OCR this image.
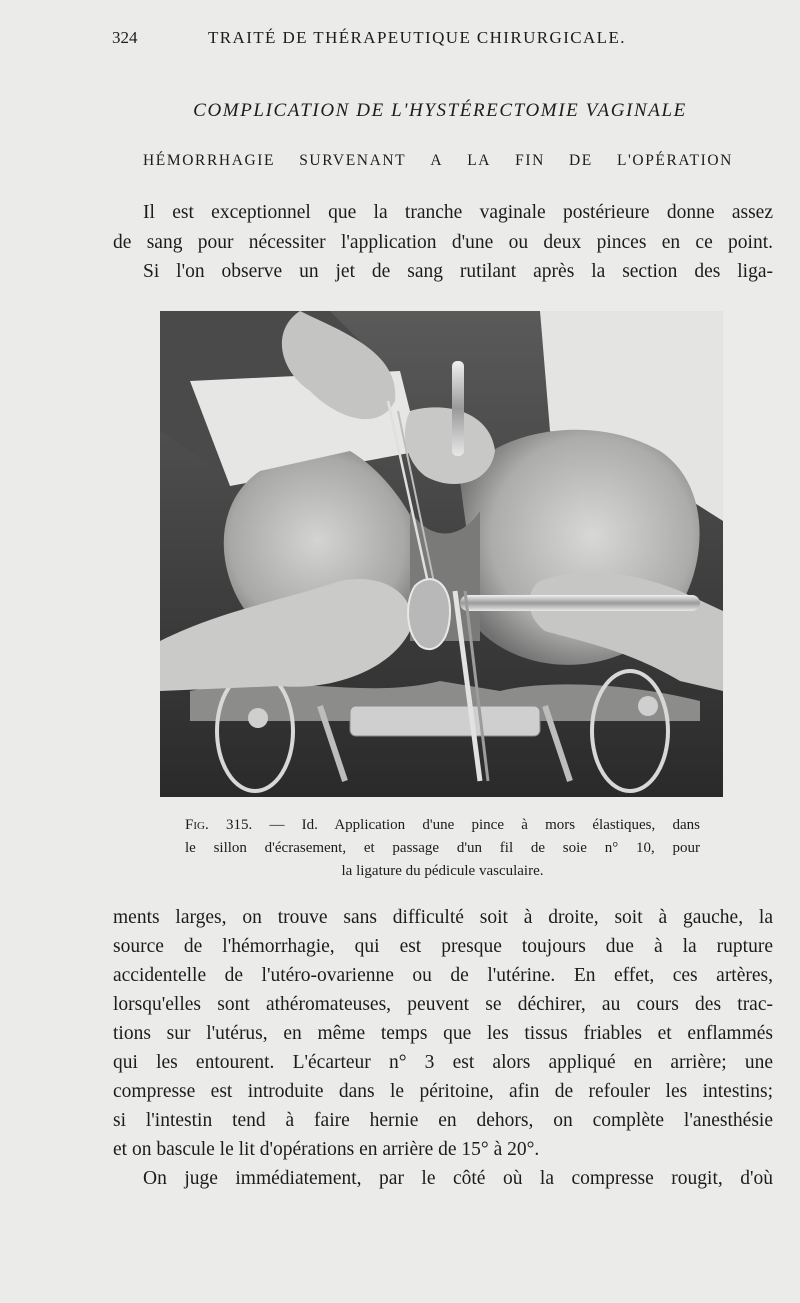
324	TRAITÉ DE THÉRAPEUTIQUE CHIRURGICALE.
COMPLICATION DE L'HYSTÉRECTOMIE VAGINALE
HÉMORRHAGIE SURVENANT A LA FIN DE L'OPÉRATION
Il est exceptionnel que la tranche vaginale postérieure donne assez
de sang pour nécessiter l'application d'une ou deux pinces en ce point.
Si l'on observe un jet de sang rutilant après la section des liga-
Fig. 315. — Id. Application d'une pince à mors élastiques, dans
le sillon d'écrasement, et passage d'un fil de soie n° 10, pour
la ligature du pédicule vasculaire.
ments larges, on trouve sans difficulté soit à droite, soit à gauche, la
source de l'hémorrhagie, qui est presque toujours due à la rupture
accidentelle de l'utéro-ovarienne ou de l'utérine. En effet, ces artères,
lorsqu'elles sont athéromateuses, peuvent se déchirer, au cours des trac-
tions sur l'utérus, en même temps que les tissus friables et enflammés
qui les entourent. L'écarteur n° 3 est alors appliqué en arrière; une
compresse est introduite dans le péritoine, afin de refouler les intestins;
si l'intestin tend à faire hernie en dehors, on complète l'anesthésie
et on bascule le lit d'opérations en arrière de 15° à 20°.
On juge immédiatement, par le côté où la compresse rougit, d'où
